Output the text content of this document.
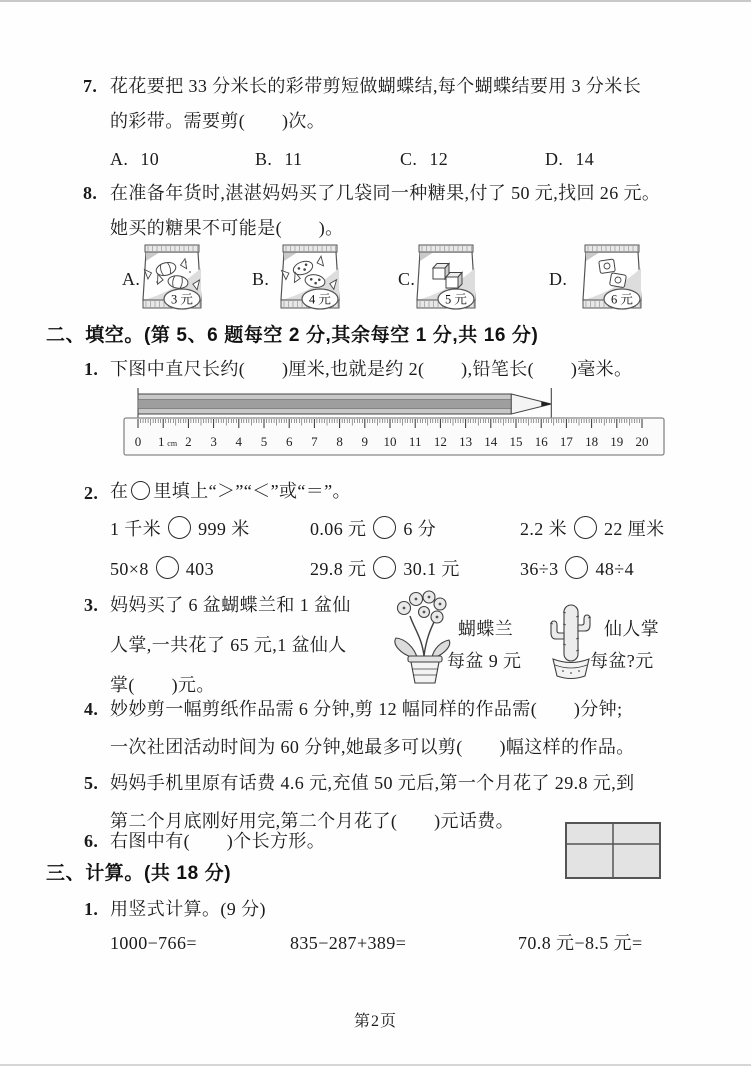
7. 花花要把 33 分米长的彩带剪短做蝴蝶结,每个蝴蝶结要用 3 分米长
的彩带。需要剪(　　)次。
A. 10	B. 11	C. 12	D. 14
8. 在准备年货时,湛湛妈妈买了几袋同一种糖果,付了 50 元,找回 26 元。
她买的糖果不可能是(　　)。
A.
3 元
B.
4 元
C.
5 元
D.
6 元
二、填空。(第 5、6 题每空 2 分,其余每空 1 分,共 16 分)
1. 下图中直尺长约(　　)厘米,也就是约 2(　　),铅笔长(　　)毫米。
0 1 cm 2 3 4 5 6 7 8 9 10 11 12 13 14 15 16 17 18 19 20
2. 在 里填上“＞”“＜”或“＝”。
1 千米 999 米	0.06 元 6 分	2.2 米 22 厘米
50×8 403	29.8 元 30.1 元	36÷3 48÷4
3. 妈妈买了 6 盆蝴蝶兰和 1 盆仙
人掌,一共花了 65 元,1 盆仙人
掌(　　)元。
蝴蝶兰
每盆 9 元
仙人掌
每盆?元
4. 妙妙剪一幅剪纸作品需 6 分钟,剪 12 幅同样的作品需(　　)分钟;
一次社团活动时间为 60 分钟,她最多可以剪(　　)幅这样的作品。
5. 妈妈手机里原有话费 4.6 元,充值 50 元后,第一个月花了 29.8 元,到
第二个月底刚好用完,第二个月花了(　　)元话费。
6. 右图中有(　　)个长方形。
三、计算。(共 18 分)
1. 用竖式计算。(9 分)
1000−766=	835−287+389=	70.8 元−8.5 元=
第2页
